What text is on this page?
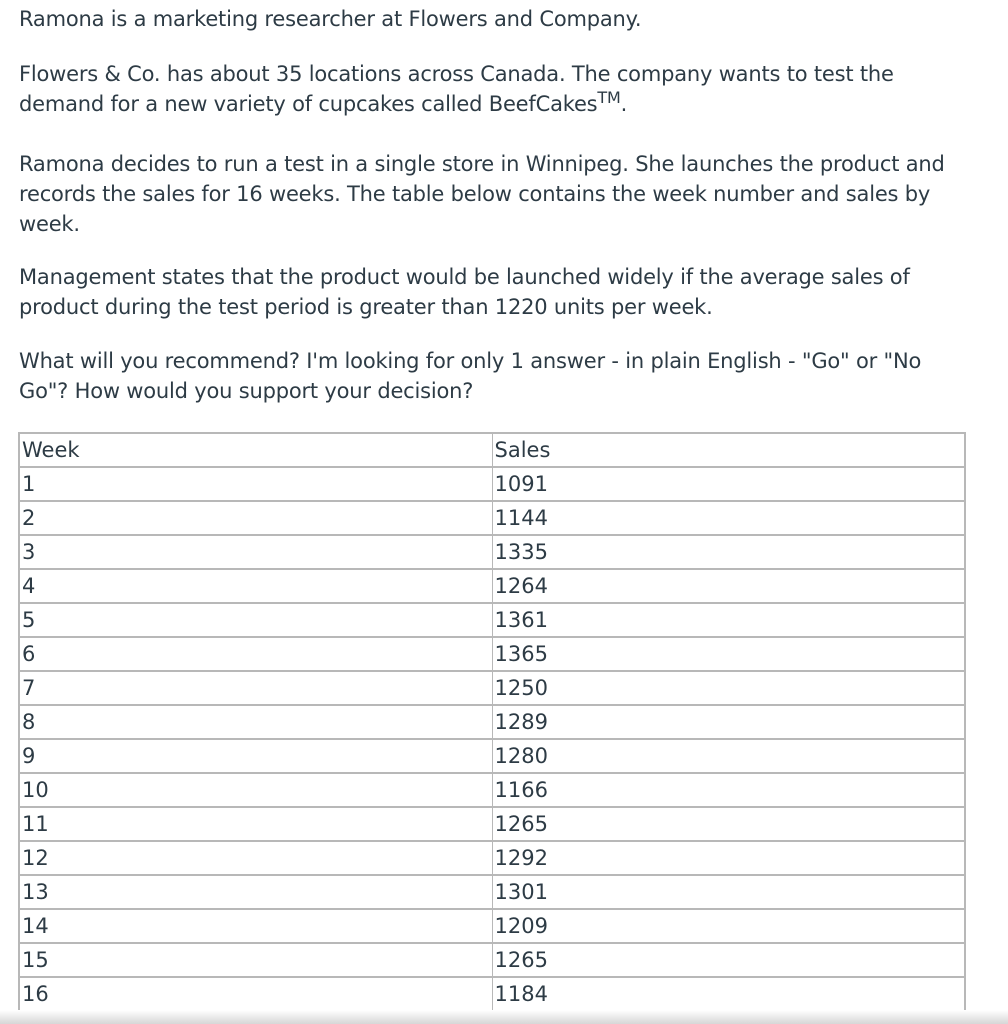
Ramona is a marketing researcher at Flowers and Company.

Flowers & Co. has about 35 locations across Canada. The company wants to test the demand for a new variety of cupcakes called BeefCakes™.

Ramona decides to run a test in a single store in Winnipeg. She launches the product and records the sales for 16 weeks. The table below contains the week number and sales by week.

Management states that the product would be launched widely if the average sales of product during the test period is greater than 1220 units per week.

What will you recommend? I'm looking for only 1 answer - in plain English - "Go" or "No Go"? How would you support your decision?

Week	Sales
1	1091
2	1144
3	1335
4	1264
5	1361
6	1365
7	1250
8	1289
9	1280
10	1166
11	1265
12	1292
13	1301
14	1209
15	1265
16	1184
